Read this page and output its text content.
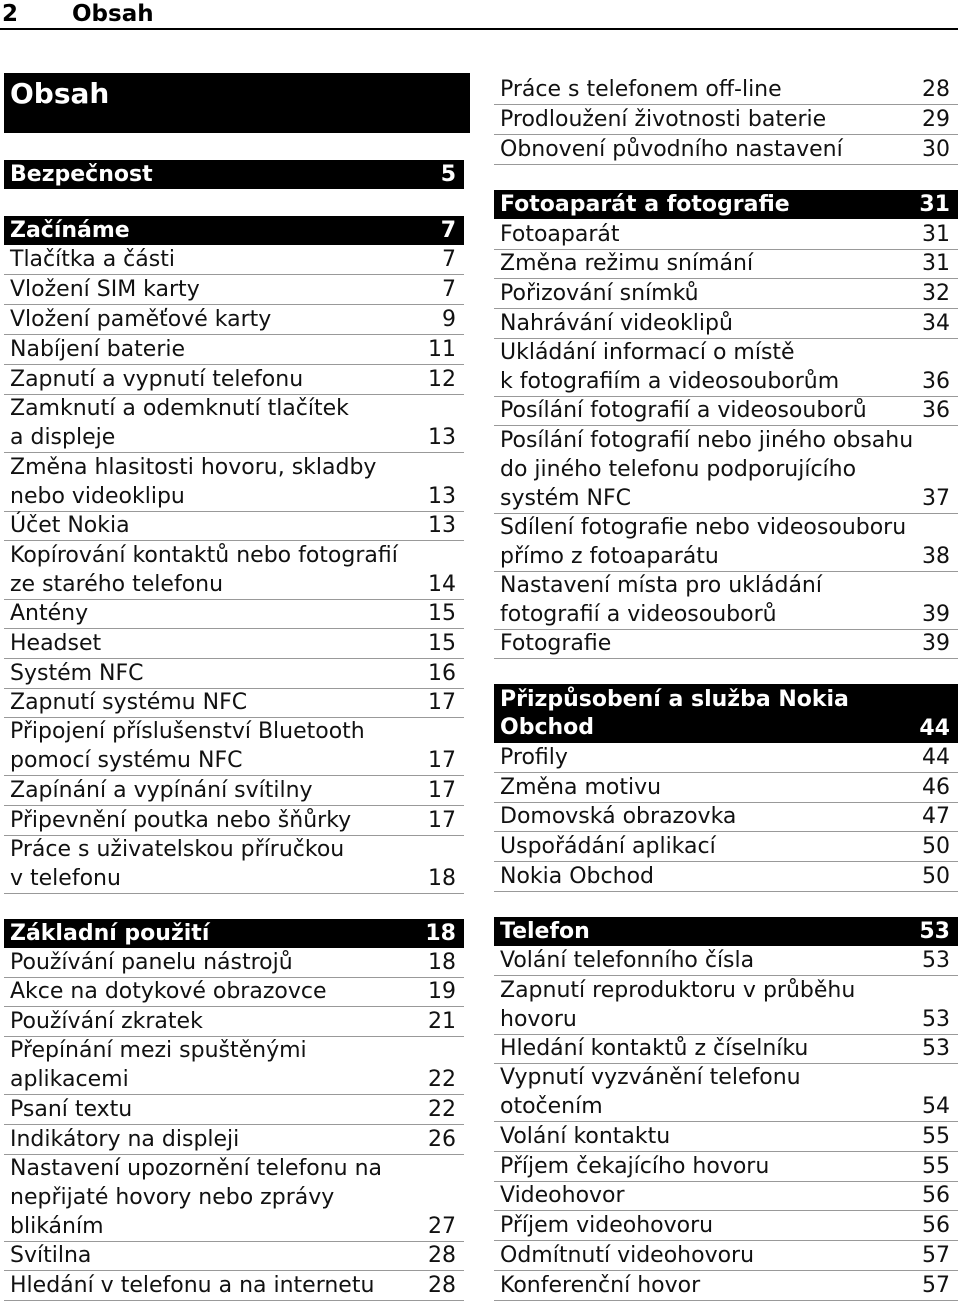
2 Obsah
Obsah
Bezpečnost	5
Začínáme	7
Tlačítka a části	7
Vložení SIM karty	7
Vložení paměťové karty	9
Nabíjení baterie	11
Zapnutí a vypnutí telefonu	12
Zamknutí a odemknutí tlačítek
a displeje	13
Změna hlasitosti hovoru, skladby
nebo videoklipu	13
Účet Nokia	13
Kopírování kontaktů nebo fotografií
ze starého telefonu	14
Antény	15
Headset	15
Systém NFC	16
Zapnutí systému NFC	17
Připojení příslušenství Bluetooth
pomocí systému NFC	17
Zapínání a vypínání svítilny	17
Připevnění poutka nebo šňůrky	17
Práce s uživatelskou příručkou
v telefonu	18
Základní použití	18
Používání panelu nástrojů	18
Akce na dotykové obrazovce	19
Používání zkratek	21
Přepínání mezi spuštěnými
aplikacemi	22
Psaní textu	22
Indikátory na displeji	26
Nastavení upozornění telefonu na
nepřijaté hovory nebo zprávy
blikáním	27
Svítilna	28
Hledání v telefonu a na internetu 28
Práce s telefonem off-line	28
Prodloužení životnosti baterie	29
Obnovení původního nastavení	30
Fotoaparát a fotografie	31
Fotoaparát	31
Změna režimu snímání	31
Pořizování snímků	32
Nahrávání videoklipů	34
Ukládání informací o místě
k fotografiím a videosouborům	36
Posílání fotografií a videosouborů	36
Posílání fotografií nebo jiného obsahu
do jiného telefonu podporujícího
systém NFC	37
Sdílení fotografie nebo videosouboru
přímo z fotoaparátu	38
Nastavení místa pro ukládání
fotografií a videosouborů	39
Fotografie	39
Přizpůsobení a služba Nokia
Obchod	44
Profily	44
Změna motivu	46
Domovská obrazovka	47
Uspořádání aplikací	50
Nokia Obchod	50
Telefon	53
Volání telefonního čísla	53
Zapnutí reproduktoru v průběhu
hovoru	53
Hledání kontaktů z číselníku	53
Vypnutí vyzvánění telefonu
otočením	54
Volání kontaktu	55
Příjem čekajícího hovoru	55
Videohovor	56
Příjem videohovoru	56
Odmítnutí videohovoru	57
Konferenční hovor	57
